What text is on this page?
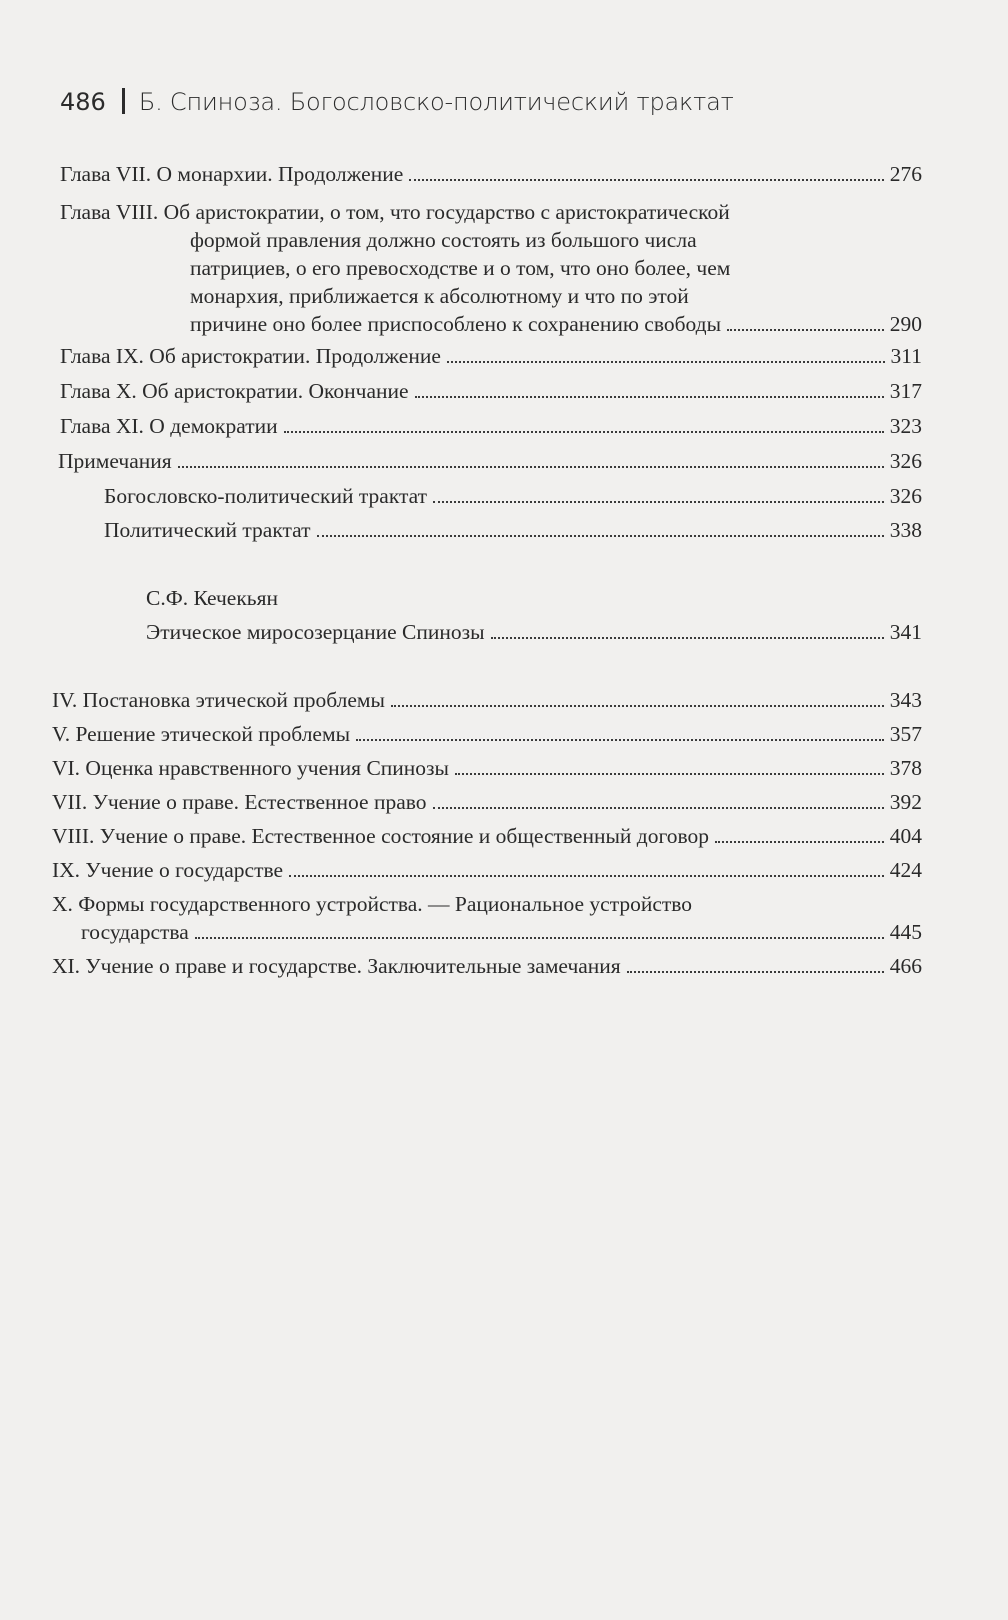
486 Б. Спиноза. Богословско-политический трактат
Глава VII. О монархии. Продолжение	276
Глава VIII. Об аристократии, о том, что государство с аристократической
формой правления должно состоять из большого числа
патрициев, о его превосходстве и о том, что оно более, чем
монархия, приближается к абсолютному и что по этой
причине оно более приспособлено к сохранению свободы	290
Глава IX. Об аристократии. Продолжение	311
Глава X. Об аристократии. Окончание	317
Глава XI. О демократии	323
Примечания	326
Богословско-политический трактат	326
Политический трактат	338
С.Ф. Кечекьян
Этическое миросозерцание Спинозы	341
IV. Постановка этической проблемы	343
V. Решение этической проблемы	357
VI. Оценка нравственного учения Спинозы	378
VII. Учение о праве. Естественное право	392
VIII. Учение о праве. Естественное состояние и общественный договор	404
IX. Учение о государстве	424
X. Формы государственного устройства. — Рациональное устройство
государства	445
XI. Учение о праве и государстве. Заключительные замечания	466
